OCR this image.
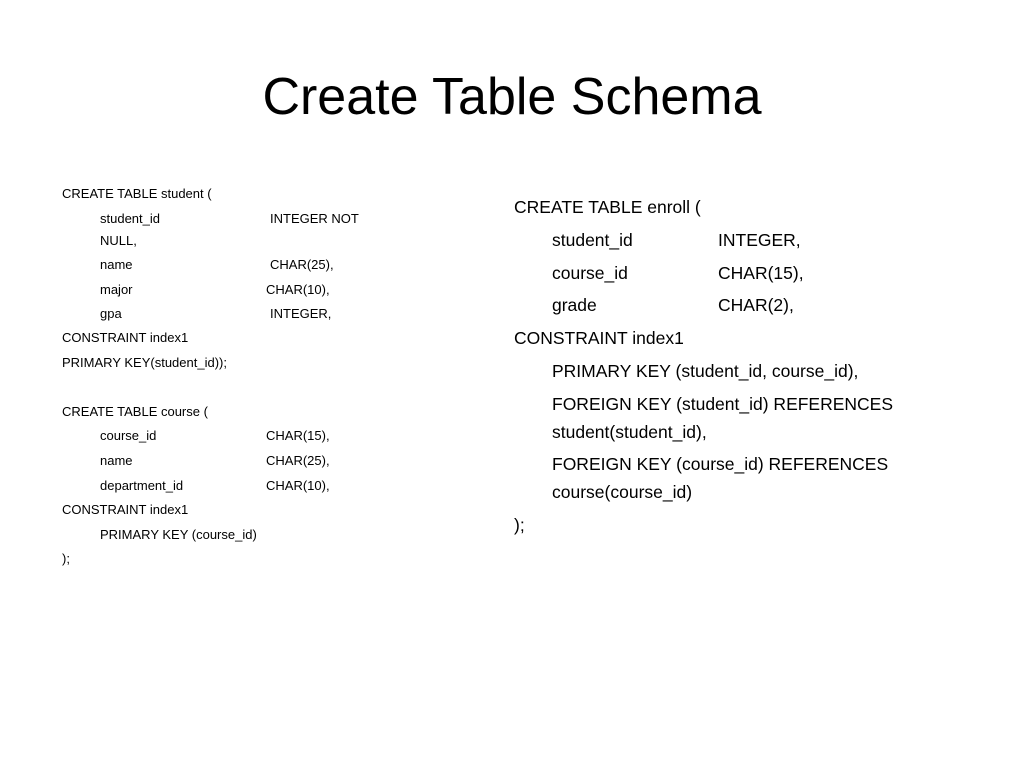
Create Table Schema
CREATE TABLE student (
student_id	INTEGER NOT
NULL,
name	CHAR(25),
major	CHAR(10),
gpa	INTEGER,
CONSTRAINT index1
PRIMARY KEY(student_id));
CREATE TABLE course (
course_id	CHAR(15),
name	CHAR(25),
department_id	CHAR(10),
CONSTRAINT index1
PRIMARY KEY (course_id)
);
CREATE TABLE enroll (
student_id	INTEGER,
course_id	CHAR(15),
grade	CHAR(2),
CONSTRAINT index1
PRIMARY KEY (student_id, course_id),
FOREIGN KEY (student_id) REFERENCES
student(student_id),
FOREIGN KEY (course_id) REFERENCES
course(course_id)
);
